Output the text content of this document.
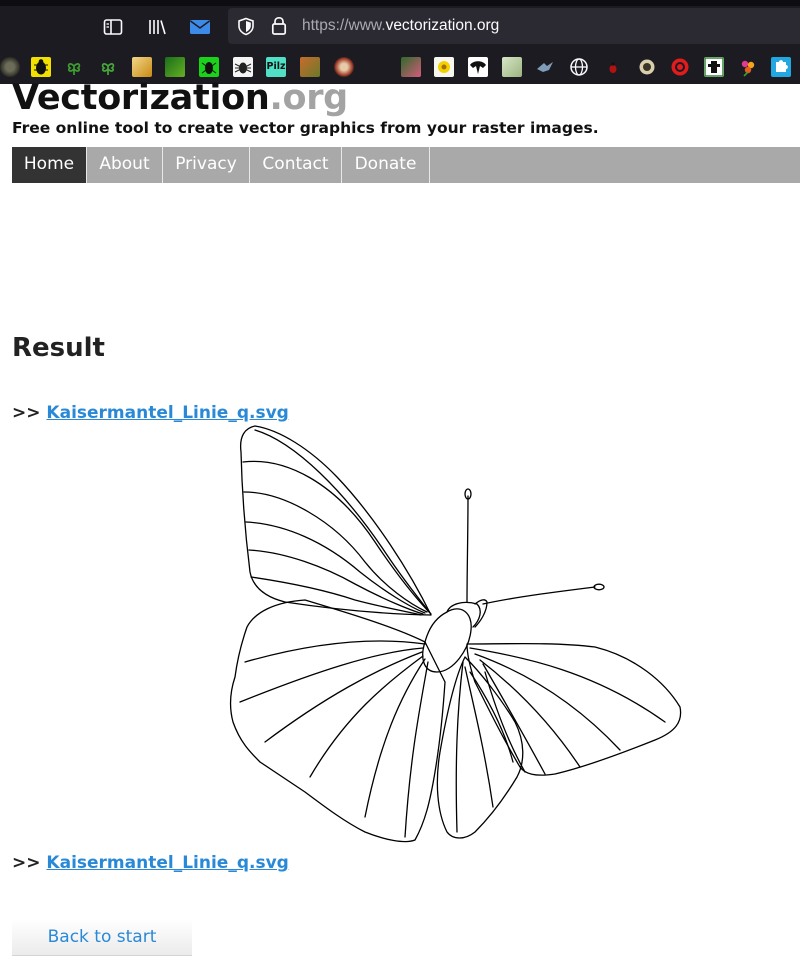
https://www.vectorization.org
Pilz
Vectorization.org
Free online tool to create vector graphics from your raster images.
Home	About	Privacy	Contact	Donate
Result
>> Kaisermantel_Linie_q.svg
>> Kaisermantel_Linie_q.svg
Back to start
